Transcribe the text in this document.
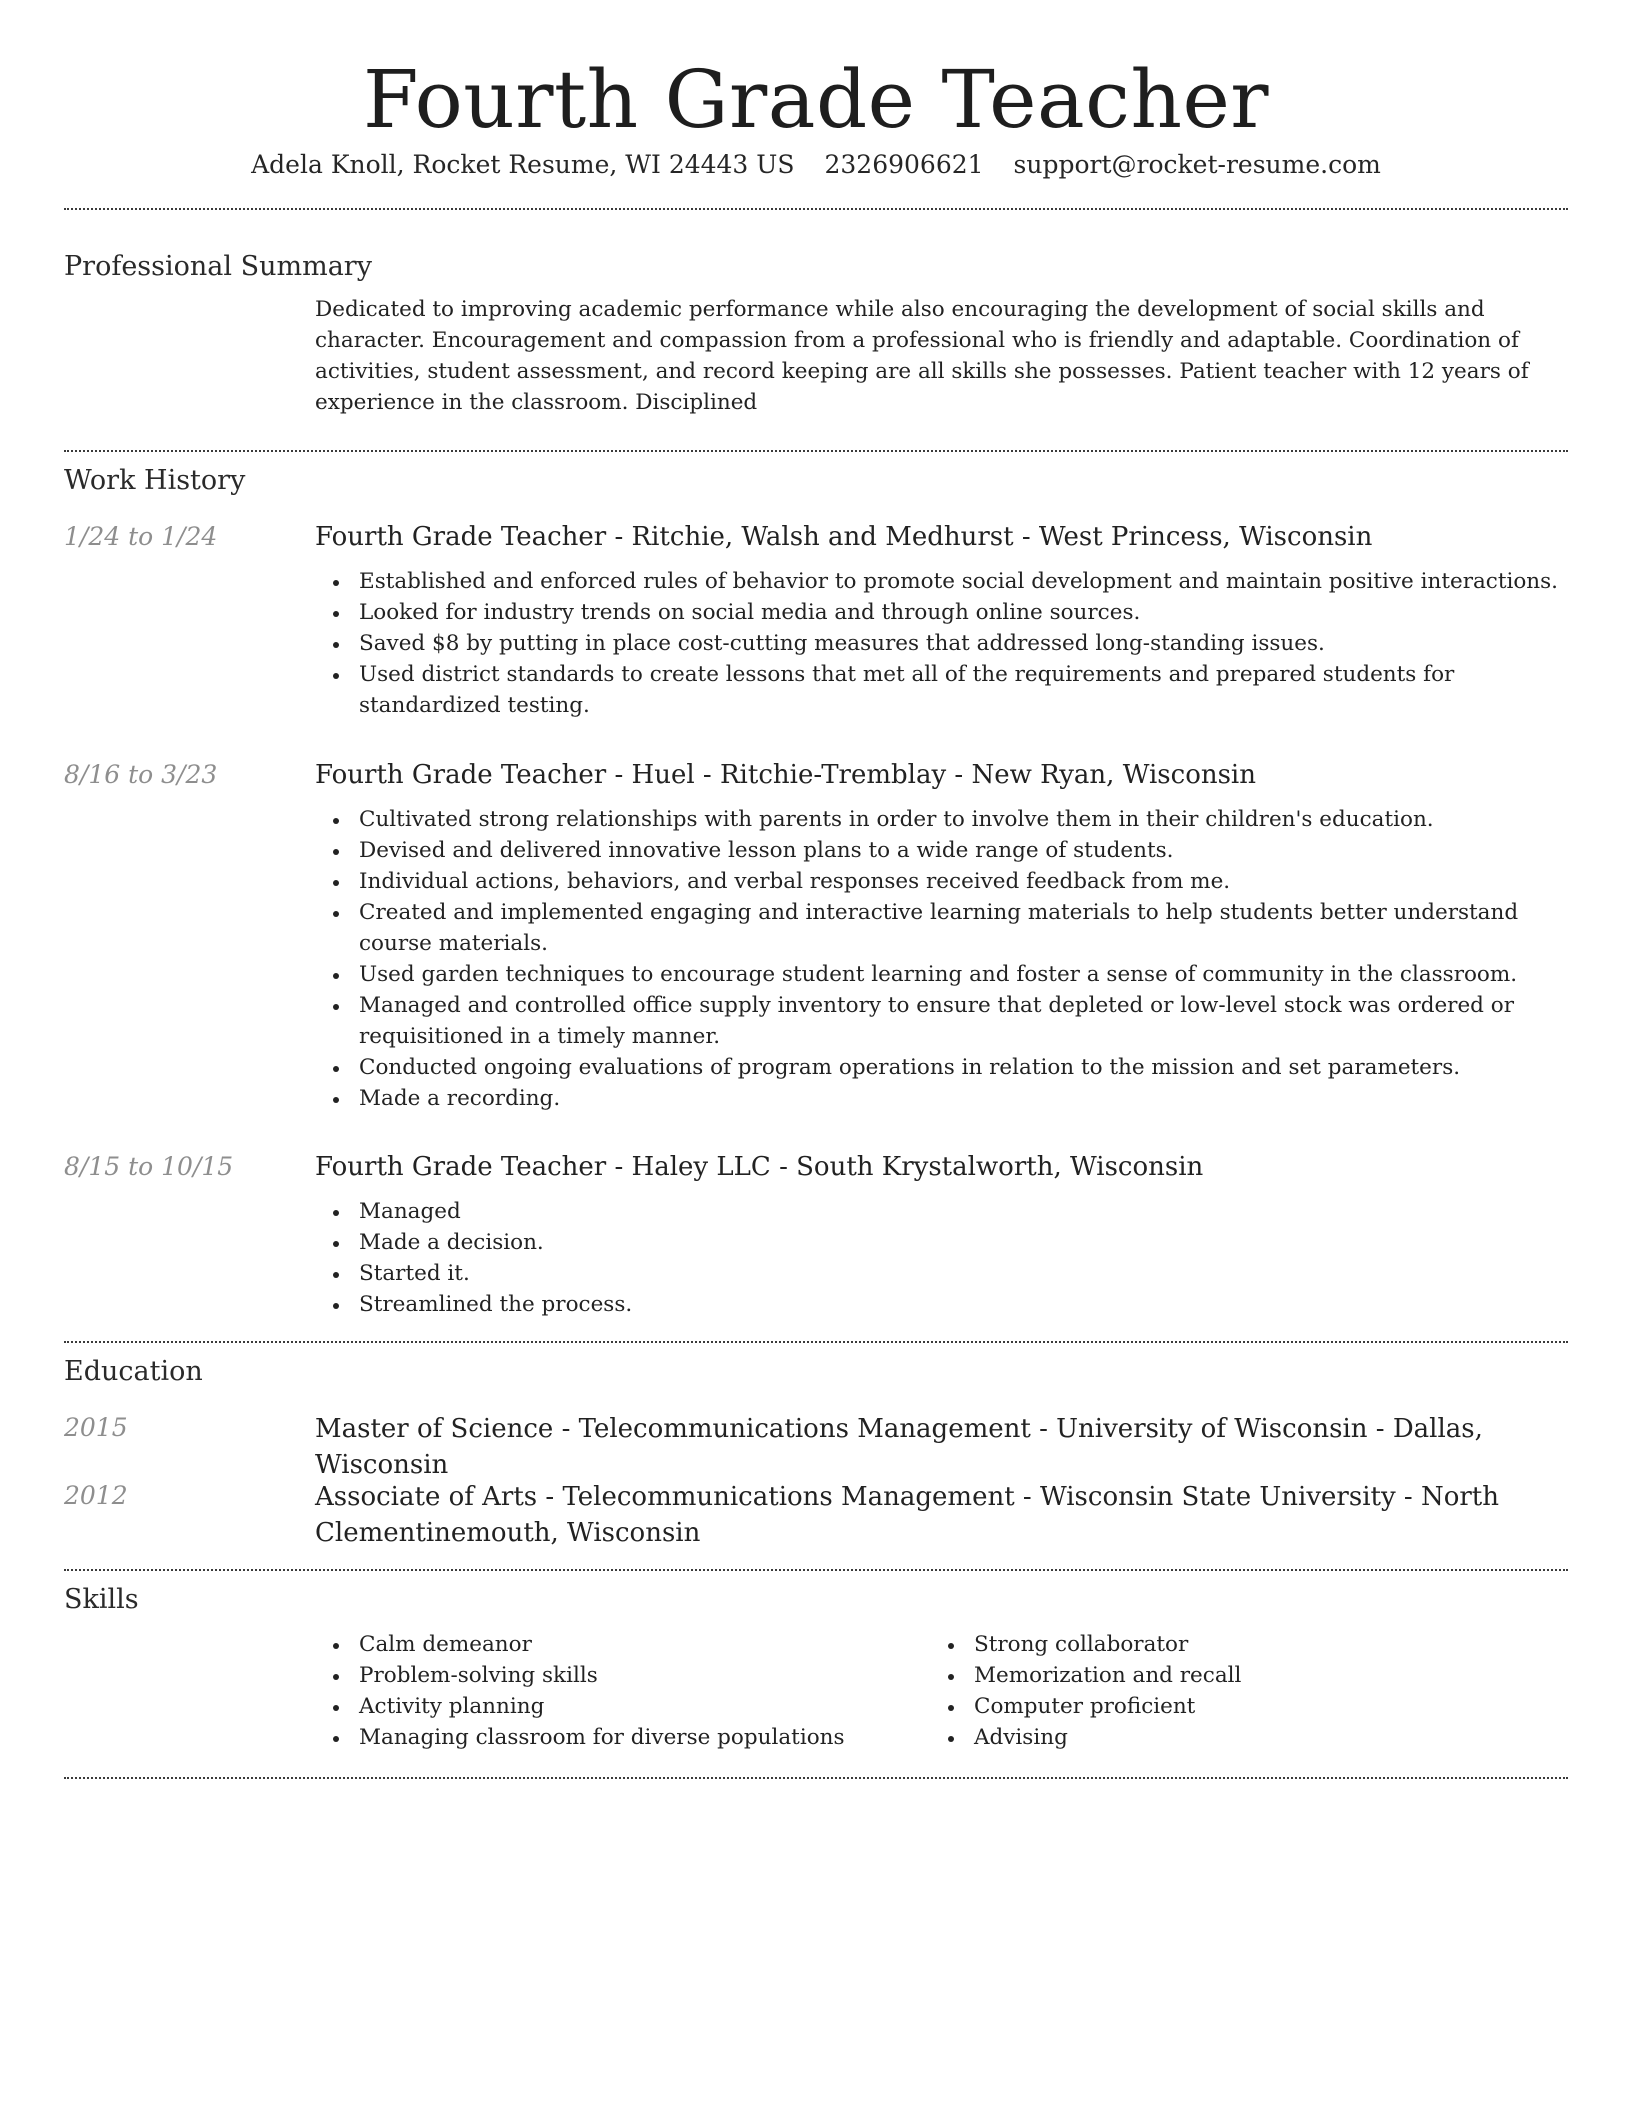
Fourth Grade Teacher
Adela Knoll, Rocket Resume, WI 24443 US 2326906621 support@rocket-resume.com
Professional Summary
Dedicated to improving academic performance while also encouraging the development of social skills and character. Encouragement and compassion from a professional who is friendly and adaptable. Coordination of activities, student assessment, and record keeping are all skills she possesses. Patient teacher with 12 years of experience in the classroom. Disciplined
Work History
1/24 to 1/24	Fourth Grade Teacher - Ritchie, Walsh and Medhurst - West Princess, Wisconsin
Established and enforced rules of behavior to promote social development and maintain positive interactions.
Looked for industry trends on social media and through online sources.
Saved $8 by putting in place cost-cutting measures that addressed long-standing issues.
Used district standards to create lessons that met all of the requirements and prepared students for standardized testing.
8/16 to 3/23	Fourth Grade Teacher - Huel - Ritchie-Tremblay - New Ryan, Wisconsin
Cultivated strong relationships with parents in order to involve them in their children's education.
Devised and delivered innovative lesson plans to a wide range of students.
Individual actions, behaviors, and verbal responses received feedback from me.
Created and implemented engaging and interactive learning materials to help students better understand course materials.
Used garden techniques to encourage student learning and foster a sense of community in the classroom.
Managed and controlled office supply inventory to ensure that depleted or low-level stock was ordered or requisitioned in a timely manner.
Conducted ongoing evaluations of program operations in relation to the mission and set parameters.
Made a recording.
8/15 to 10/15	Fourth Grade Teacher - Haley LLC - South Krystalworth, Wisconsin
Managed
Made a decision.
Started it.
Streamlined the process.
Education
2015	Master of Science - Telecommunications Management - University of Wisconsin - Dallas, Wisconsin
2012	Associate of Arts - Telecommunications Management - Wisconsin State University - North Clementinemouth, Wisconsin
Skills
Calm demeanor
Problem-solving skills
Activity planning
Managing classroom for diverse populations
Strong collaborator
Memorization and recall
Computer proficient
Advising
